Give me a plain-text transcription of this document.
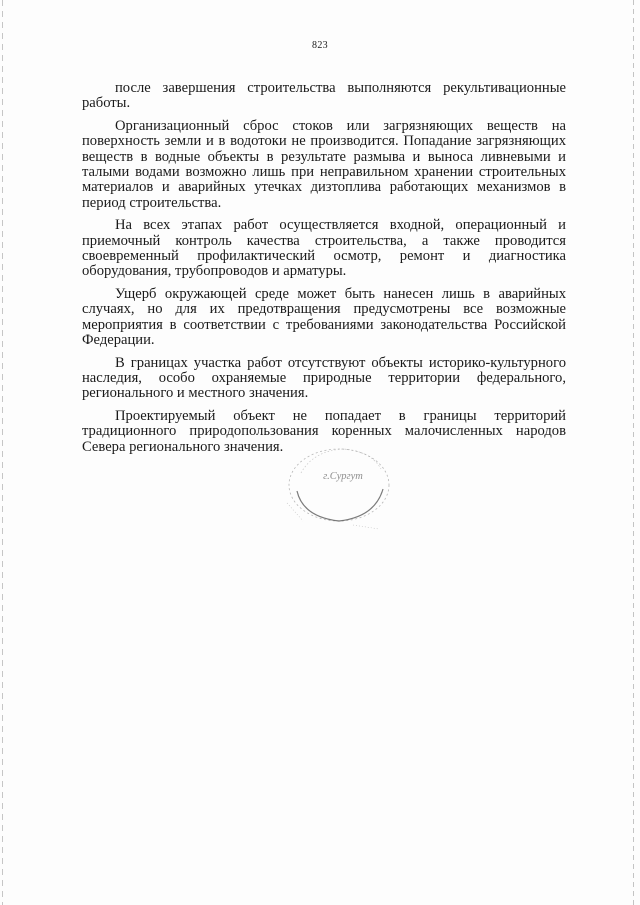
823

после завершения строительства выполняются рекультивационные работы.

Организационный сброс стоков или загрязняющих веществ на поверхность земли и в водотоки не производится. Попадание загрязняющих веществ в водные объекты в результате размыва и выноса ливневыми и талыми водами возможно лишь при неправильном хранении строительных материалов и аварийных утечках дизтоплива работающих механизмов в период строительства.

На всех этапах работ осуществляется входной, операционный и приемочный контроль качества строительства, а также проводится своевременный профилактический осмотр, ремонт и диагностика оборудования, трубопроводов и арматуры.

Ущерб окружающей среде может быть нанесен лишь в аварийных случаях, но для их предотвращения предусмотрены все возможные мероприятия в соответствии с требованиями законодательства Российской Федерации.

В границах участка работ отсутствуют объекты историко-культурного наследия, особо охраняемые природные территории федерального, регионального и местного значения.

Проектируемый объект не попадает в границы территорий традиционного природопользования коренных малочисленных народов Севера регионального значения.

г.Сургут
